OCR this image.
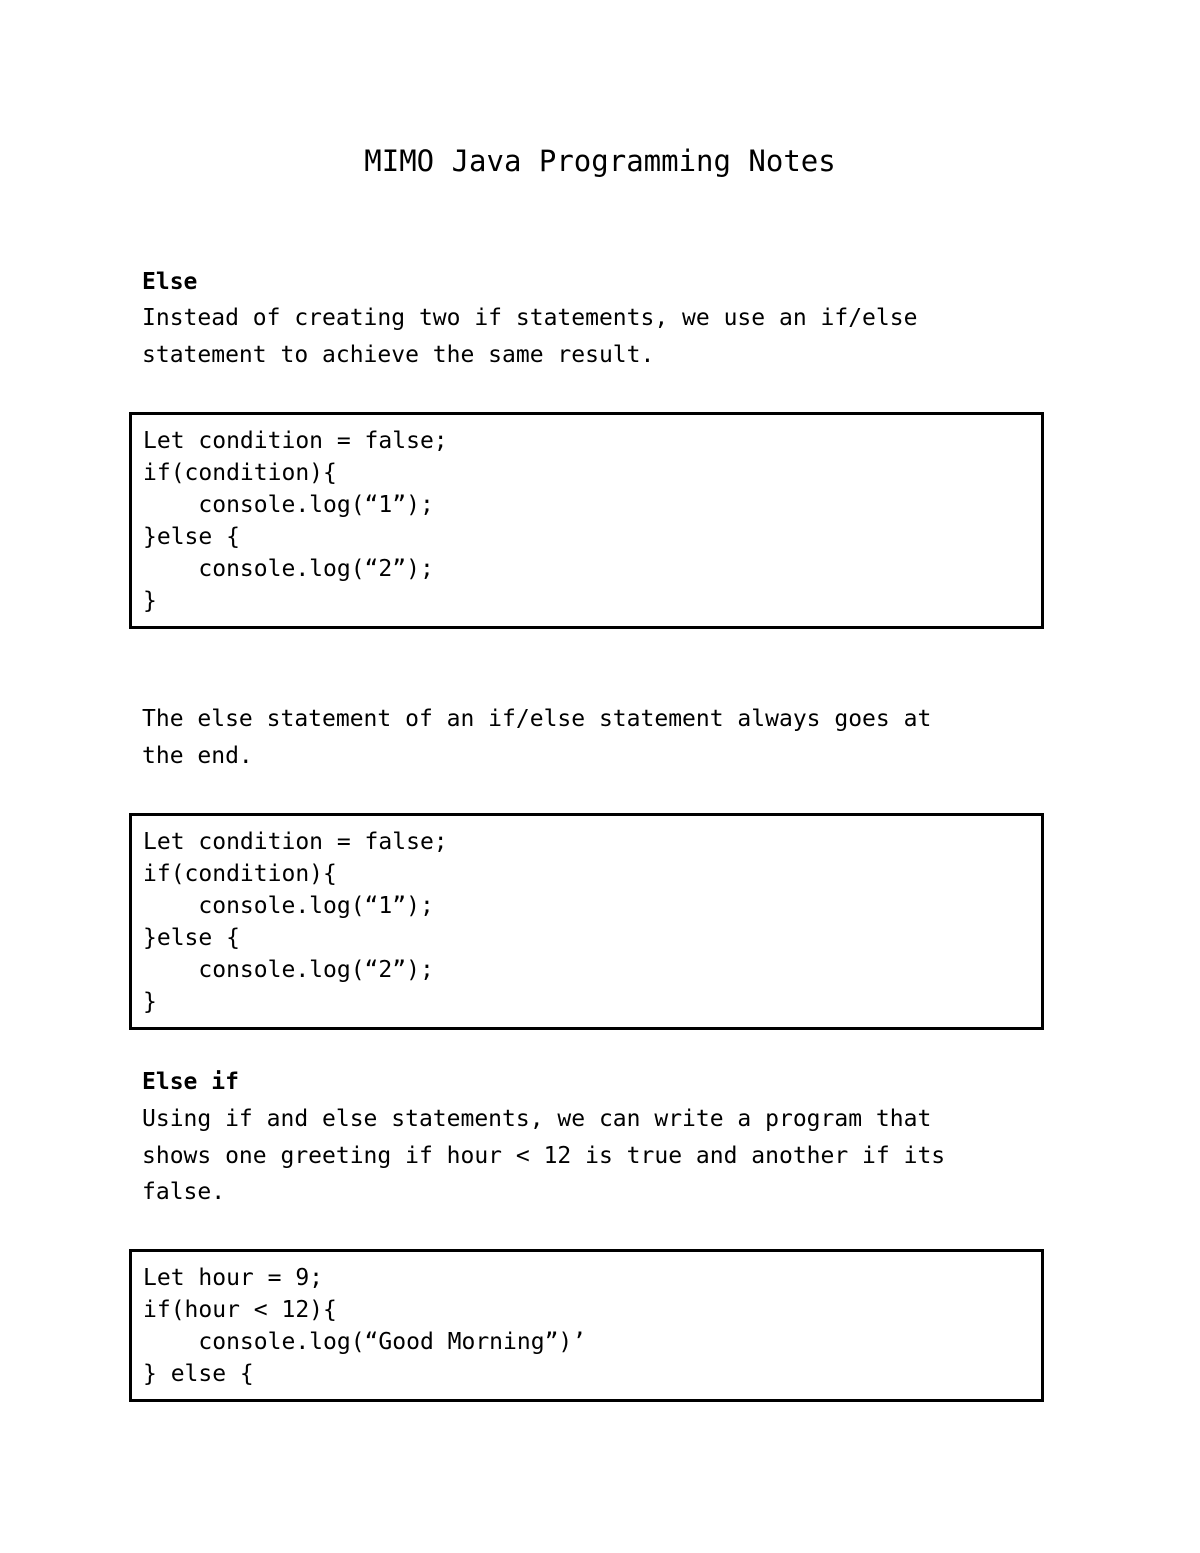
MIMO Java Programming Notes
Else

Instead of creating two if statements, we use an if/else

statement to achieve the same result.

Let condition = false;
if(condition){
console.log(“1”);
}else {
console.log(“2”);
}

The else statement of an if/else statement always goes at

the end.

Let condition = false;
if(condition){
console.log(“1”);
}else {
console.log(“2”);
}
Else if

Using if and else statements, we can write a program that

shows one greeting if hour < 12 is true and another if its

false.

Let hour = 9;
if(hour < 12){
console.log(“Good Morning”)’
} else {
